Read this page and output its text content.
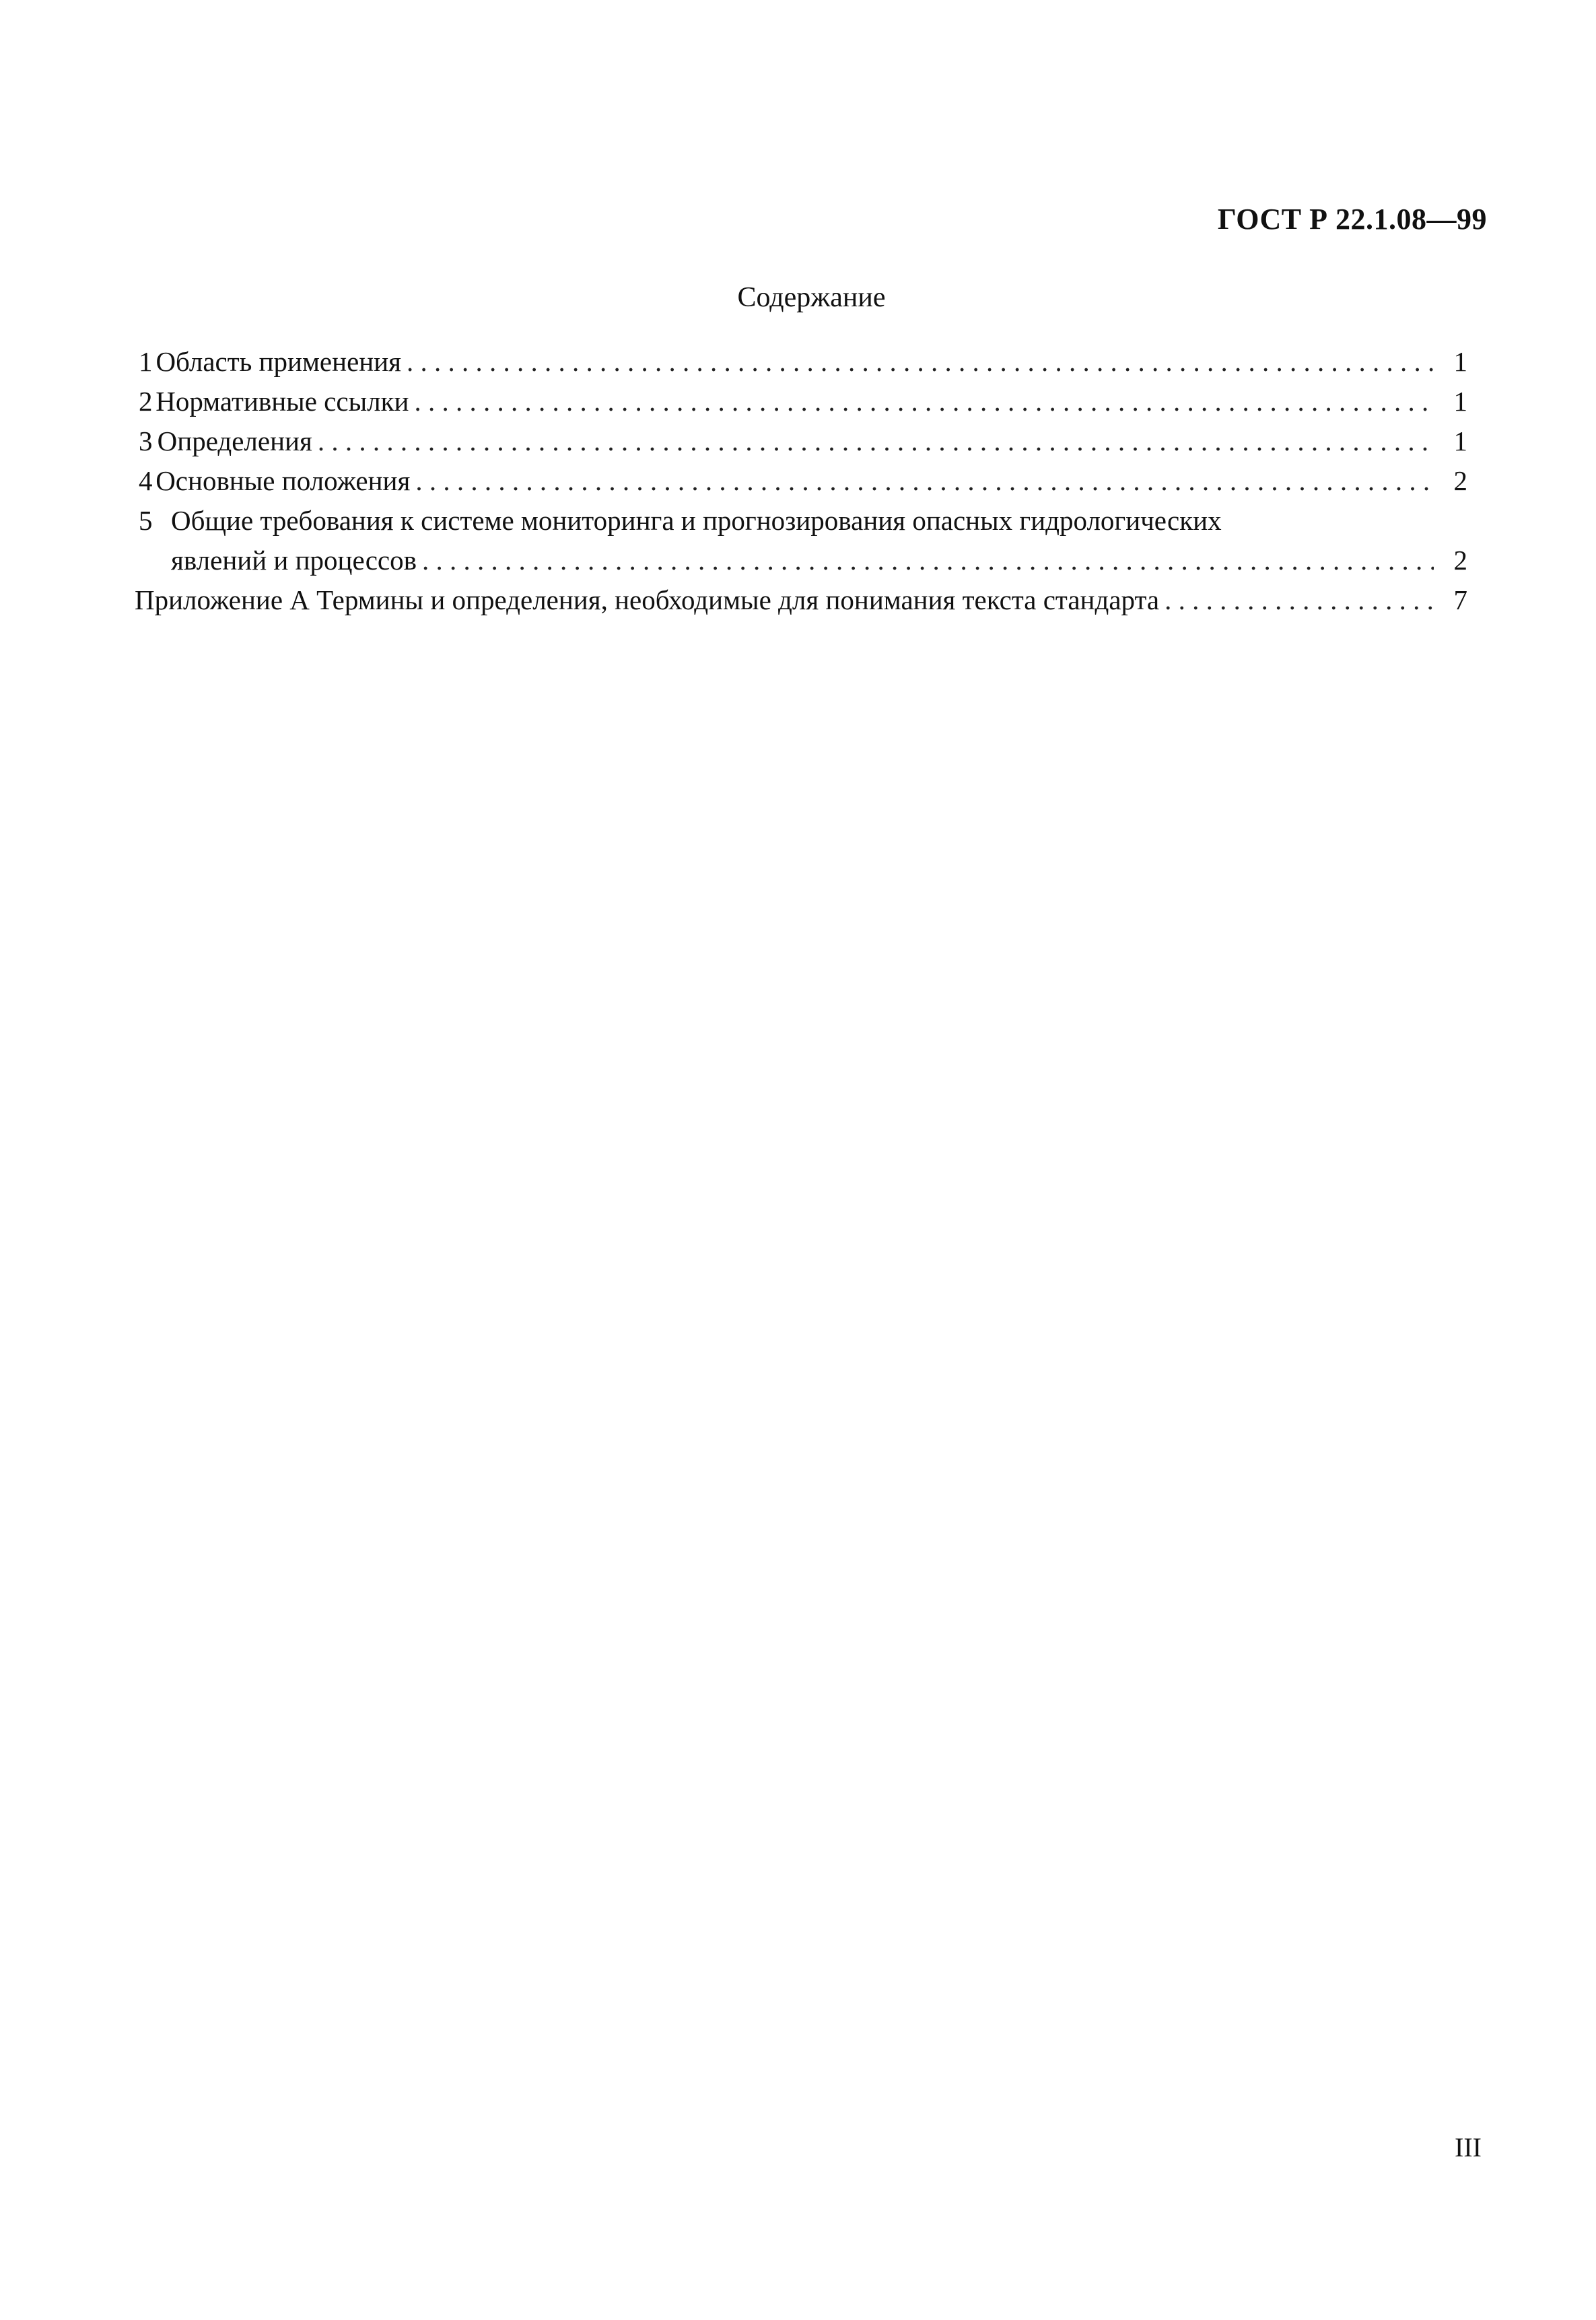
ГОСТ Р 22.1.08—99
Содержание
1 Область применения . . .	1
2 Нормативные ссылки . . .	1
3 Определения . . .	1
4 Основные положения . . .	2
5 Общие требования к системе мониторинга и прогнозирования опасных гидрологических
явлений и процессов . . .	2
Приложение А Термины и определения, необходимые для понимания текста стандарта . . .	7
III
